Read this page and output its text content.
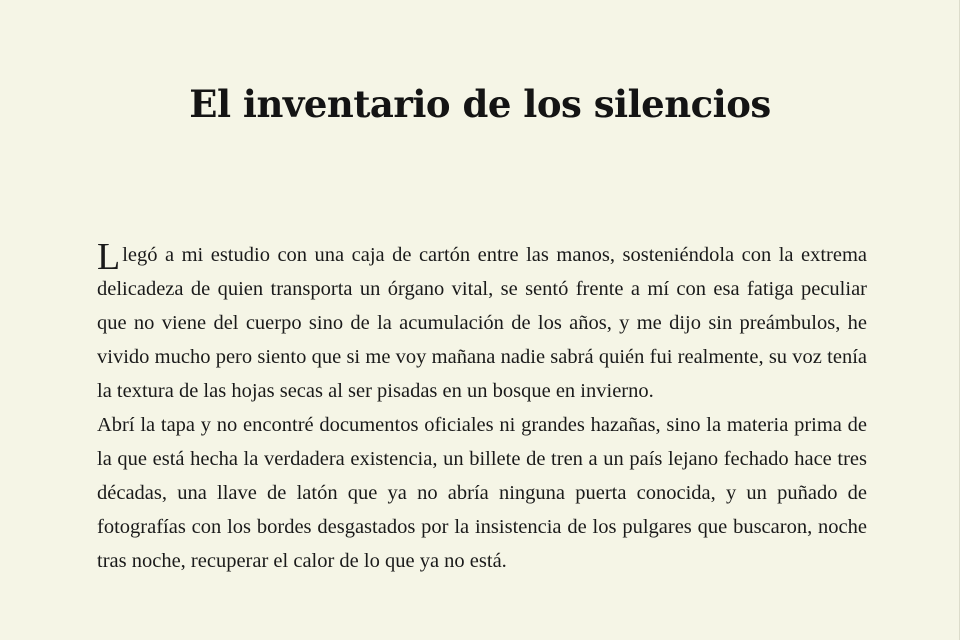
El inventario de los silencios

Llegó a mi estudio con una caja de cartón entre las manos, sosteniéndola con la extrema delicadeza de quien transporta un órgano vital, se sentó frente a mí con esa fatiga peculiar que no viene del cuerpo sino de la acumulación de los años, y me dijo sin preámbulos, he vivido mucho pero siento que si me voy mañana nadie sabrá quién fui realmente, su voz tenía la textura de las hojas secas al ser pisadas en un bosque en invierno.

Abrí la tapa y no encontré documentos oficiales ni grandes hazañas, sino la materia prima de la que está hecha la verdadera existencia, un billete de tren a un país lejano fechado hace tres décadas, una llave de latón que ya no abría ninguna puerta conocida, y un puñado de fotografías con los bordes desgastados por la insistencia de los pulgares que buscaron, noche tras noche, recuperar el calor de lo que ya no está.
